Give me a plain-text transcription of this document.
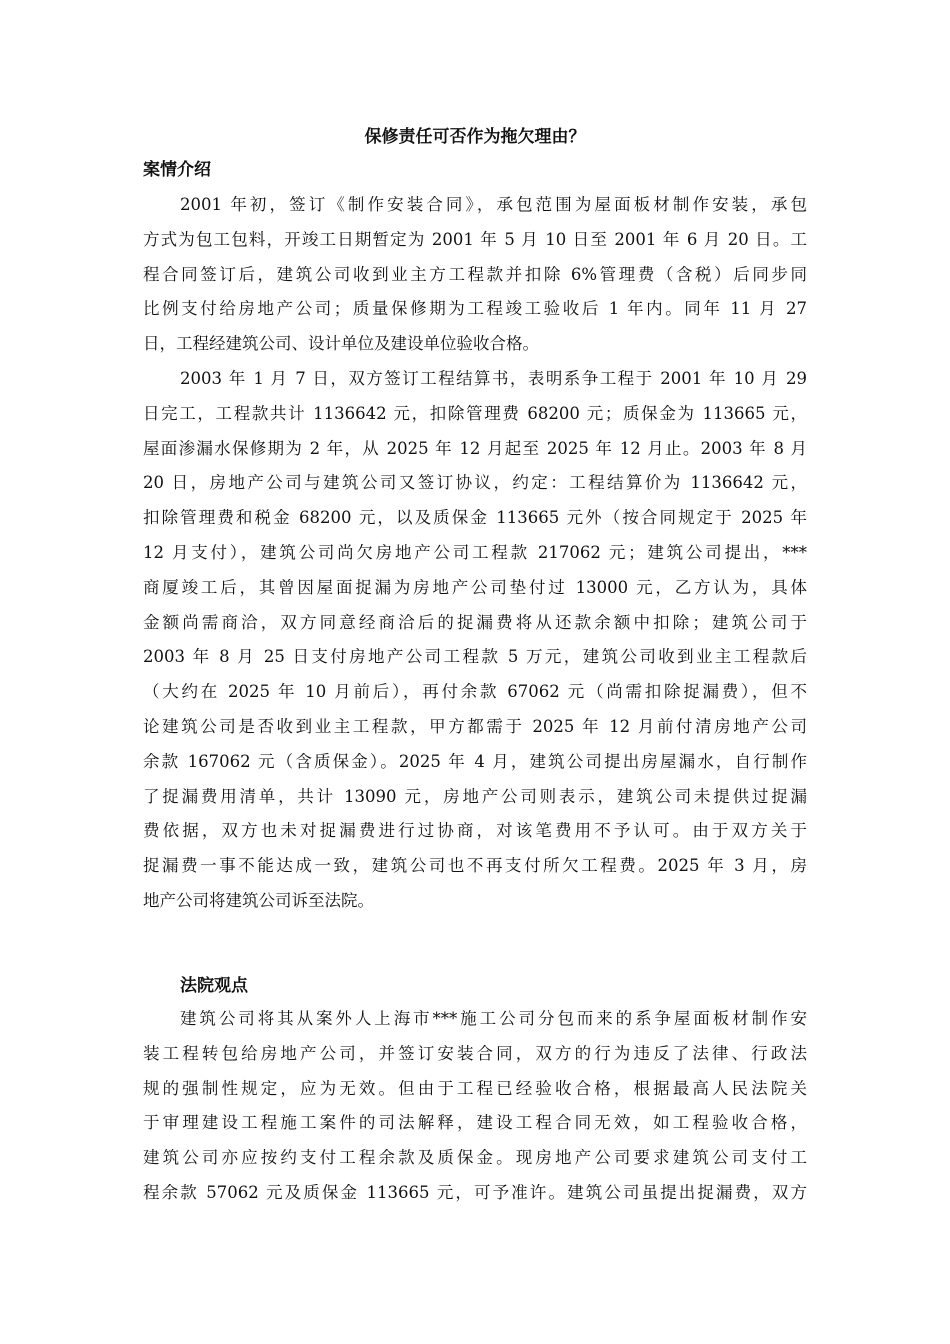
保修责任可否作为拖欠理由？
案情介绍
2001 年初，签订《制作安装合同》，承包范围为屋面板材制作安装，承包
方式为包工包料，开竣工日期暂定为 2001 年 5 月 10 日至 2001 年 6 月 20 日。工
程合同签订后，建筑公司收到业主方工程款并扣除 6%管理费（含税）后同步同
比例支付给房地产公司；质量保修期为工程竣工验收后 1 年内。同年 11 月 27
日，工程经建筑公司、设计单位及建设单位验收合格。
2003 年 1 月 7 日，双方签订工程结算书，表明系争工程于 2001 年 10 月 29
日完工，工程款共计 1136642 元，扣除管理费 68200 元；质保金为 113665 元，
屋面渗漏水保修期为 2 年，从 2025 年 12 月起至 2025 年 12 月止。2003 年 8 月
20 日，房地产公司与建筑公司又签订协议，约定：工程结算价为 1136642 元，
扣除管理费和税金 68200 元，以及质保金 113665 元外（按合同规定于 2025 年
12 月支付），建筑公司尚欠房地产公司工程款 217062 元；建筑公司提出，***
商厦竣工后，其曾因屋面捉漏为房地产公司垫付过 13000 元，乙方认为，具体
金额尚需商洽，双方同意经商洽后的捉漏费将从还款余额中扣除；建筑公司于
2003 年 8 月 25 日支付房地产公司工程款 5 万元，建筑公司收到业主工程款后
（大约在 2025 年 10 月前后），再付余款 67062 元（尚需扣除捉漏费），但不
论建筑公司是否收到业主工程款，甲方都需于 2025 年 12 月前付清房地产公司
余款 167062 元（含质保金）。2025 年 4 月，建筑公司提出房屋漏水，自行制作
了捉漏费用清单，共计 13090 元，房地产公司则表示，建筑公司未提供过捉漏
费依据，双方也未对捉漏费进行过协商，对该笔费用不予认可。由于双方关于
捉漏费一事不能达成一致，建筑公司也不再支付所欠工程费。2025 年 3 月，房
地产公司将建筑公司诉至法院。
法院观点
建筑公司将其从案外人上海市***施工公司分包而来的系争屋面板材制作安
装工程转包给房地产公司，并签订安装合同，双方的行为违反了法律、行政法
规的强制性规定，应为无效。但由于工程已经验收合格，根据最高人民法院关
于审理建设工程施工案件的司法解释，建设工程合同无效，如工程验收合格，
建筑公司亦应按约支付工程余款及质保金。现房地产公司要求建筑公司支付工
程余款 57062 元及质保金 113665 元，可予准许。建筑公司虽提出捉漏费，双方
